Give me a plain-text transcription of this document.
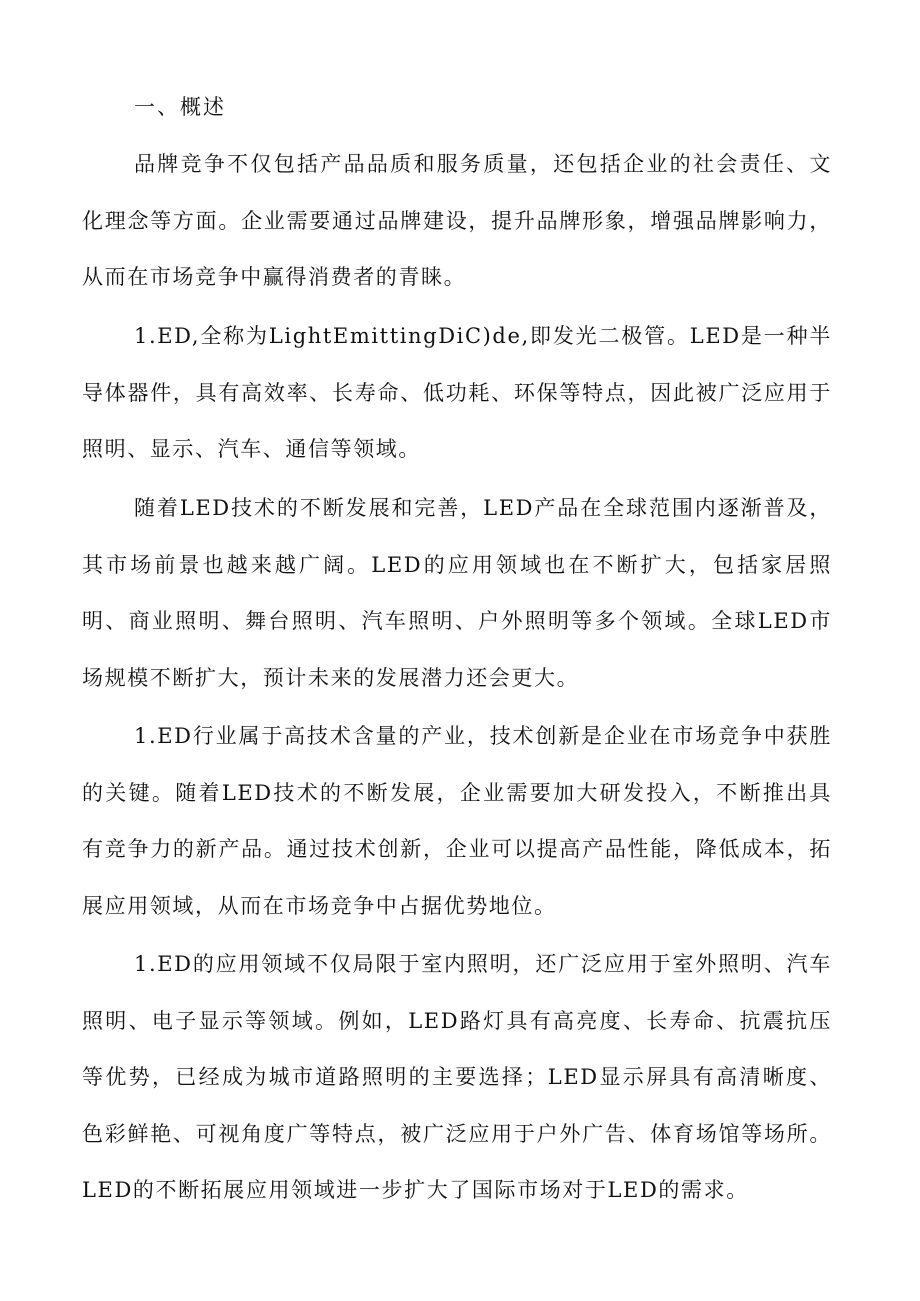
一、概述

品牌竞争不仅包括产品品质和服务质量，还包括企业的社会责任、文化理念等方面。企业需要通过品牌建设，提升品牌形象，增强品牌影响力，从而在市场竞争中赢得消费者的青睐。

1.ED,全称为LightEmittingDiC)de,即发光二极管。LED是一种半导体器件，具有高效率、长寿命、低功耗、环保等特点，因此被广泛应用于照明、显示、汽车、通信等领域。

随着LED技术的不断发展和完善，LED产品在全球范围内逐渐普及，其市场前景也越来越广阔。LED的应用领域也在不断扩大，包括家居照明、商业照明、舞台照明、汽车照明、户外照明等多个领域。全球LED市场规模不断扩大，预计未来的发展潜力还会更大。

1.ED行业属于高技术含量的产业，技术创新是企业在市场竞争中获胜的关键。随着LED技术的不断发展，企业需要加大研发投入，不断推出具有竞争力的新产品。通过技术创新，企业可以提高产品性能，降低成本，拓展应用领域，从而在市场竞争中占据优势地位。

1.ED的应用领域不仅局限于室内照明，还广泛应用于室外照明、汽车照明、电子显示等领域。例如，LED路灯具有高亮度、长寿命、抗震抗压等优势，已经成为城市道路照明的主要选择；LED显示屏具有高清晰度、色彩鲜艳、可视角度广等特点，被广泛应用于户外广告、体育场馆等场所。LED的不断拓展应用领域进一步扩大了国际市场对于LED的需求。
